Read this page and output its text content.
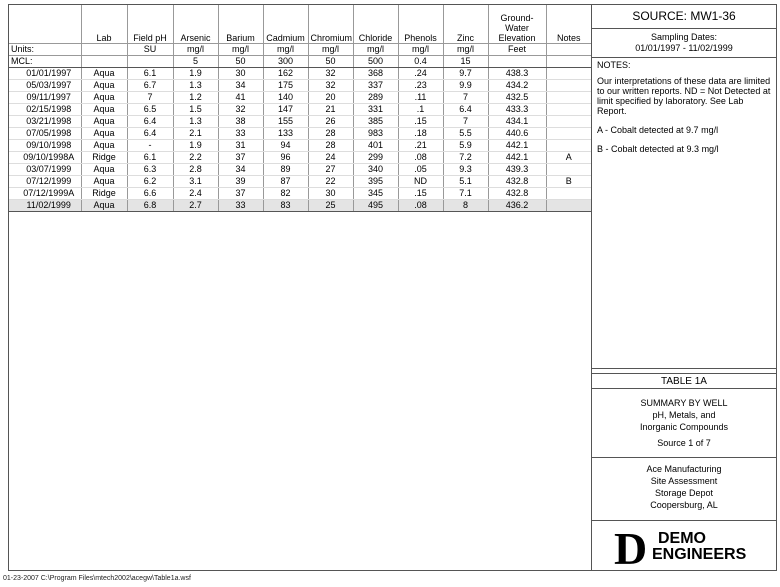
	Lab	Field pH	Arsenic	Barium	Cadmium	Chromium	Chloride	Phenols	Zinc	Ground-Water Elevation	Notes
Units:		SU	mg/l	mg/l	mg/l	mg/l	mg/l	mg/l	mg/l	Feet	
MCL:			5	50	300	50	500	0.4	15		
01/01/1997	Aqua	6.1	1.9	30	162	32	368	.24	9.7	438.3	
05/03/1997	Aqua	6.7	1.3	34	175	32	337	.23	9.9	434.2	
09/11/1997	Aqua	7	1.2	41	140	20	289	.11	7	432.5	
02/15/1998	Aqua	6.5	1.5	32	147	21	331	.1	6.4	433.3	
03/21/1998	Aqua	6.4	1.3	38	155	26	385	.15	7	434.1	
07/05/1998	Aqua	6.4	2.1	33	133	28	983	.18	5.5	440.6	
09/10/1998	Aqua	-	1.9	31	94	28	401	.21	5.9	442.1	
09/10/1998A	Ridge	6.1	2.2	37	96	24	299	.08	7.2	442.1	A
03/07/1999	Aqua	6.3	2.8	34	89	27	340	.05	9.3	439.3	
07/12/1999	Aqua	6.2	3.1	39	87	22	395	ND	5.1	432.8	B
07/12/1999A	Ridge	6.6	2.4	37	82	30	345	.15	7.1	432.8	
11/02/1999	Aqua	6.8	2.7	33	83	25	495	.08	8	436.2	
SOURCE: MW1-36
Sampling Dates:
01/01/1997 - 11/02/1999
NOTES:
Our interpretations of these data are limited to our written reports. ND = Not Detected at limit specified by laboratory. See Lab Report.
A - Cobalt detected at 9.7 mg/l
B - Cobalt detected at 9.3 mg/l
TABLE 1A
SUMMARY BY WELL
pH, Metals, and
Inorganic Compounds
Source 1 of 7
Ace Manufacturing
Site Assessment
Storage Depot
Coopersburg, AL
D DEMO
ENGINEERS
01-23-2007 C:\Program Files\mtech2002\acegw\Table1a.wsf
